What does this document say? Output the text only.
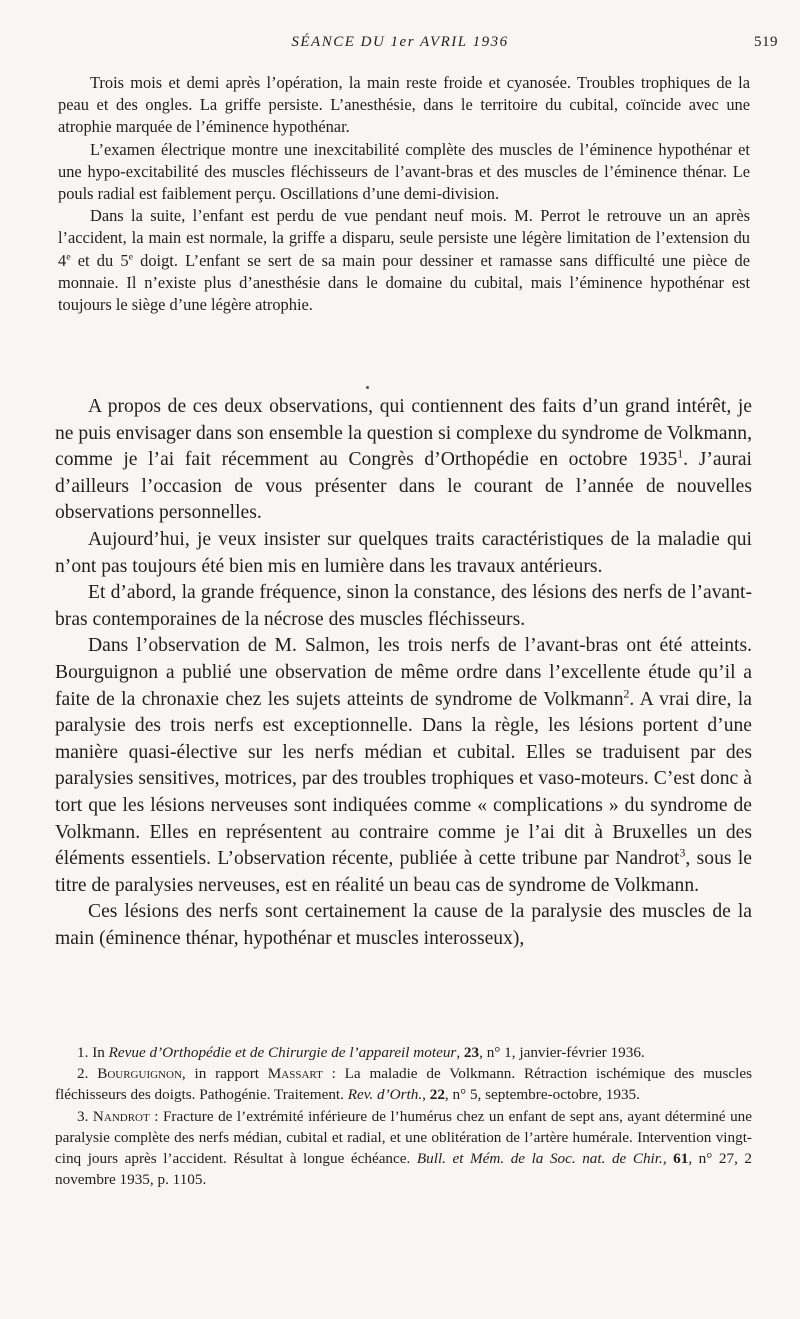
SÉANCE DU 1er AVRIL 1936	519

Trois mois et demi après l’opération, la main reste froide et cyanosée. Troubles trophiques de la peau et des ongles. La griffe persiste. L’anesthésie, dans le territoire du cubital, coïncide avec une atrophie marquée de l’éminence hypothénar.

L’examen électrique montre une inexcitabilité complète des muscles de l’éminence hypothénar et une hypo-excitabilité des muscles fléchisseurs de l’avant-bras et des muscles de l’éminence thénar. Le pouls radial est faiblement perçu. Oscillations d’une demi-division.

Dans la suite, l’enfant est perdu de vue pendant neuf mois. M. Perrot le retrouve un an après l’accident, la main est normale, la griffe a disparu, seule persiste une légère limitation de l’extension du 4e et du 5e doigt. L’enfant se sert de sa main pour dessiner et ramasse sans difficulté une pièce de monnaie. Il n’existe plus d’anesthésie dans le domaine du cubital, mais l’éminence hypothénar est toujours le siège d’une légère atrophie.

A propos de ces deux observations, qui contiennent des faits d’un grand intérêt, je ne puis envisager dans son ensemble la question si complexe du syndrome de Volkmann, comme je l’ai fait récemment au Congrès d’Orthopédie en octobre 1935$^1$. J’aurai d’ailleurs l’occasion de vous présenter dans le courant de l’année de nouvelles observations personnelles.

Aujourd’hui, je veux insister sur quelques traits caractéristiques de la maladie qui n’ont pas toujours été bien mis en lumière dans les travaux antérieurs.

Et d’abord, la grande fréquence, sinon la constance, des lésions des nerfs de l’avant-bras contemporaines de la nécrose des muscles fléchisseurs.

Dans l’observation de M. Salmon, les trois nerfs de l’avant-bras ont été atteints. Bourguignon a publié une observation de même ordre dans l’excellente étude qu’il a faite de la chronaxie chez les sujets atteints de syndrome de Volkmann$^2$. A vrai dire, la paralysie des trois nerfs est exceptionnelle. Dans la règle, les lésions portent d’une manière quasi-élective sur les nerfs médian et cubital. Elles se traduisent par des paralysies sensitives, motrices, par des troubles trophiques et vaso-moteurs. C’est donc à tort que les lésions nerveuses sont indiquées comme « complications » du syndrome de Volkmann. Elles en représentent au contraire comme je l’ai dit à Bruxelles un des éléments essentiels. L’observation récente, publiée à cette tribune par Nandrot$^3$, sous le titre de paralysies nerveuses, est en réalité un beau cas de syndrome de Volkmann.

Ces lésions des nerfs sont certainement la cause de la paralysie des muscles de la main (éminence thénar, hypothénar et muscles interosseux),

1. In Revue d’Orthopédie et de Chirurgie de l’appareil moteur, 23, n° 1, janvier-février 1936.

2. Bourguignon, in rapport Massart : La maladie de Volkmann. Rétraction ischémique des muscles fléchisseurs des doigts. Pathogénie. Traitement. Rev. d’Orth., 22, n° 5, septembre-octobre, 1935.

3. Nandrot : Fracture de l’extrémité inférieure de l’humérus chez un enfant de sept ans, ayant déterminé une paralysie complète des nerfs médian, cubital et radial, et une oblitération de l’artère humérale. Intervention vingt-cinq jours après l’accident. Résultat à longue échéance. Bull. et Mém. de la Soc. nat. de Chir., 61, n° 27, 2 novembre 1935, p. 1105.
